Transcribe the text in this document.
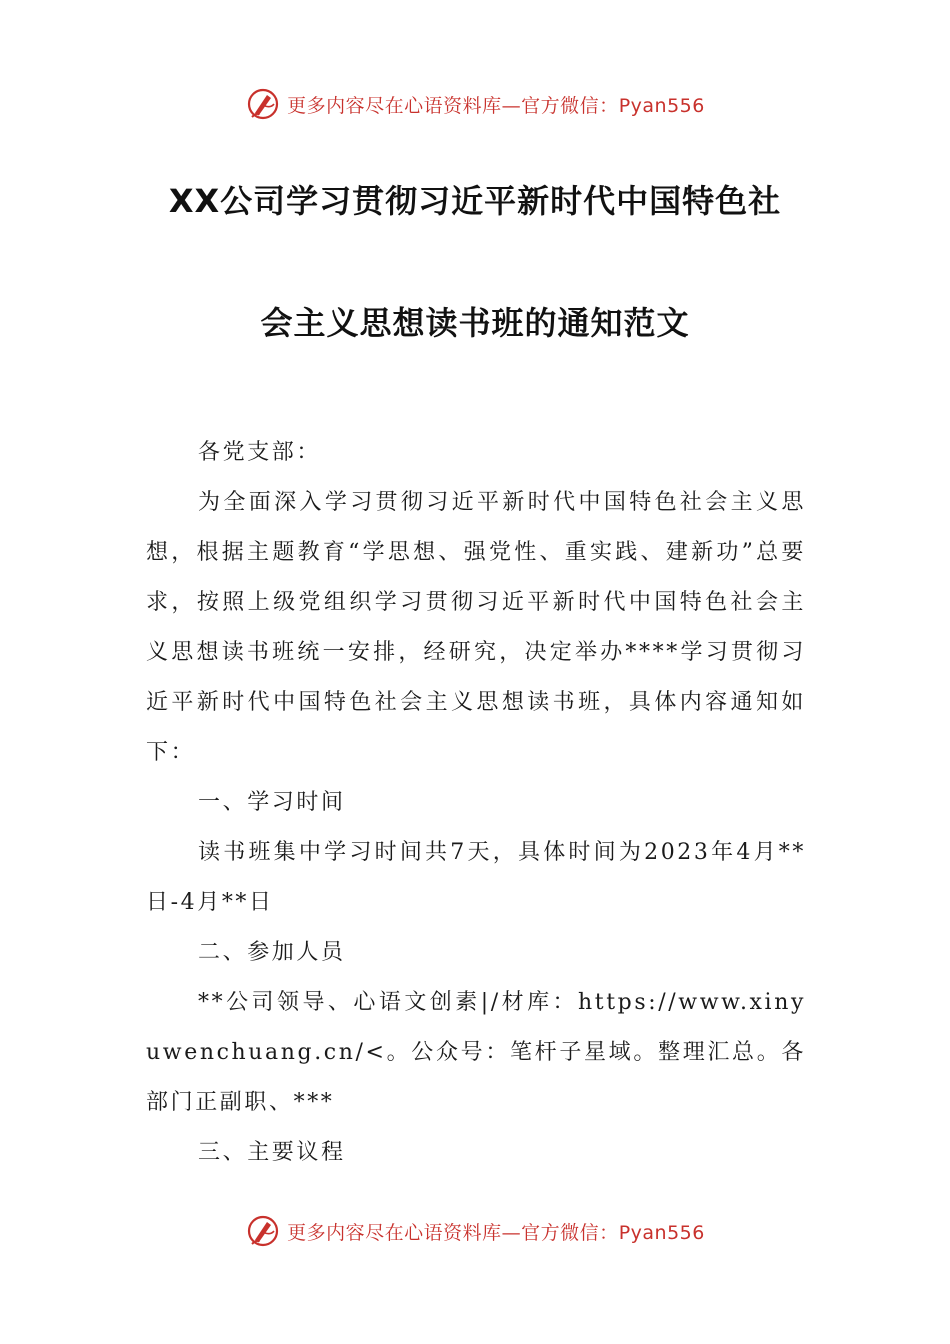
更多内容尽在心语资料库—官方微信：Pyan556
XX公司学习贯彻习近平新时代中国特色社
会主义思想读书班的通知范文

各党支部：

为全面深入学习贯彻习近平新时代中国特色社会主义思想，根据主题教育“学思想、强党性、重实践、建新功”总要求，按照上级党组织学习贯彻习近平新时代中国特色社会主义思想读书班统一安排，经研究，决定举办****学习贯彻习近平新时代中国特色社会主义思想读书班，具体内容通知如下：

一、学习时间

读书班集中学习时间共7天，具体时间为2023年4月**日-4月**日

二、参加人员

**公司领导、心语文创素|/材库：https://www.xinyuwenchuang.cn/<。公众号：笔杆子星域。整理汇总。各部门正副职、***

三、主要议程

更多内容尽在心语资料库—官方微信：Pyan556
